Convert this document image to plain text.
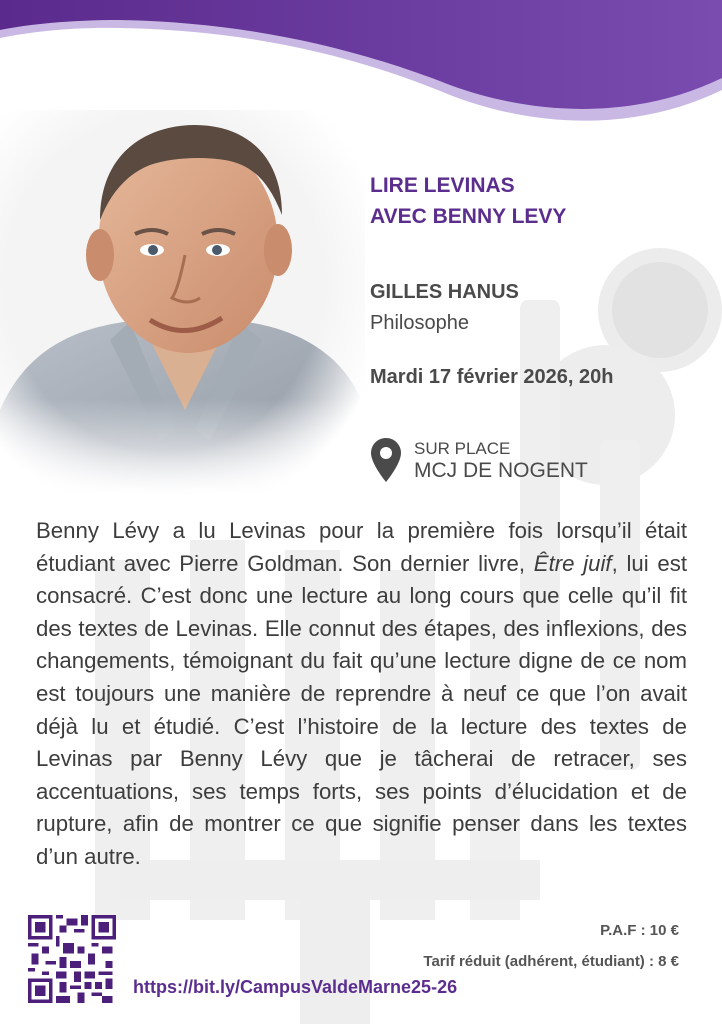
LIRE LEVINAS
AVEC BENNY LEVY
GILLES HANUS
Philosophe
Mardi 17 février 2026, 20h
SUR PLACE
MCJ DE NOGENT
Benny Lévy a lu Levinas pour la première fois lorsqu’il était étudiant avec Pierre Goldman. Son dernier livre, Être juif, lui est consacré. C’est donc une lecture au long cours que celle qu’il fit des textes de Levinas. Elle connut des étapes, des inflexions, des changements, témoignant du fait qu’une lecture digne de ce nom est toujours une manière de reprendre à neuf ce que l’on avait déjà lu et étudié. C’est l’histoire de la lecture des textes de Levinas par Benny Lévy que je tâcherai de retracer, ses accentuations, ses temps forts, ses points d’élucidation et de rupture, afin de montrer ce que signifie penser dans les textes d’un autre.
P.A.F : 10 €
Tarif réduit (adhérent, étudiant) : 8 €
https://bit.ly/CampusValdeMarne25-26
